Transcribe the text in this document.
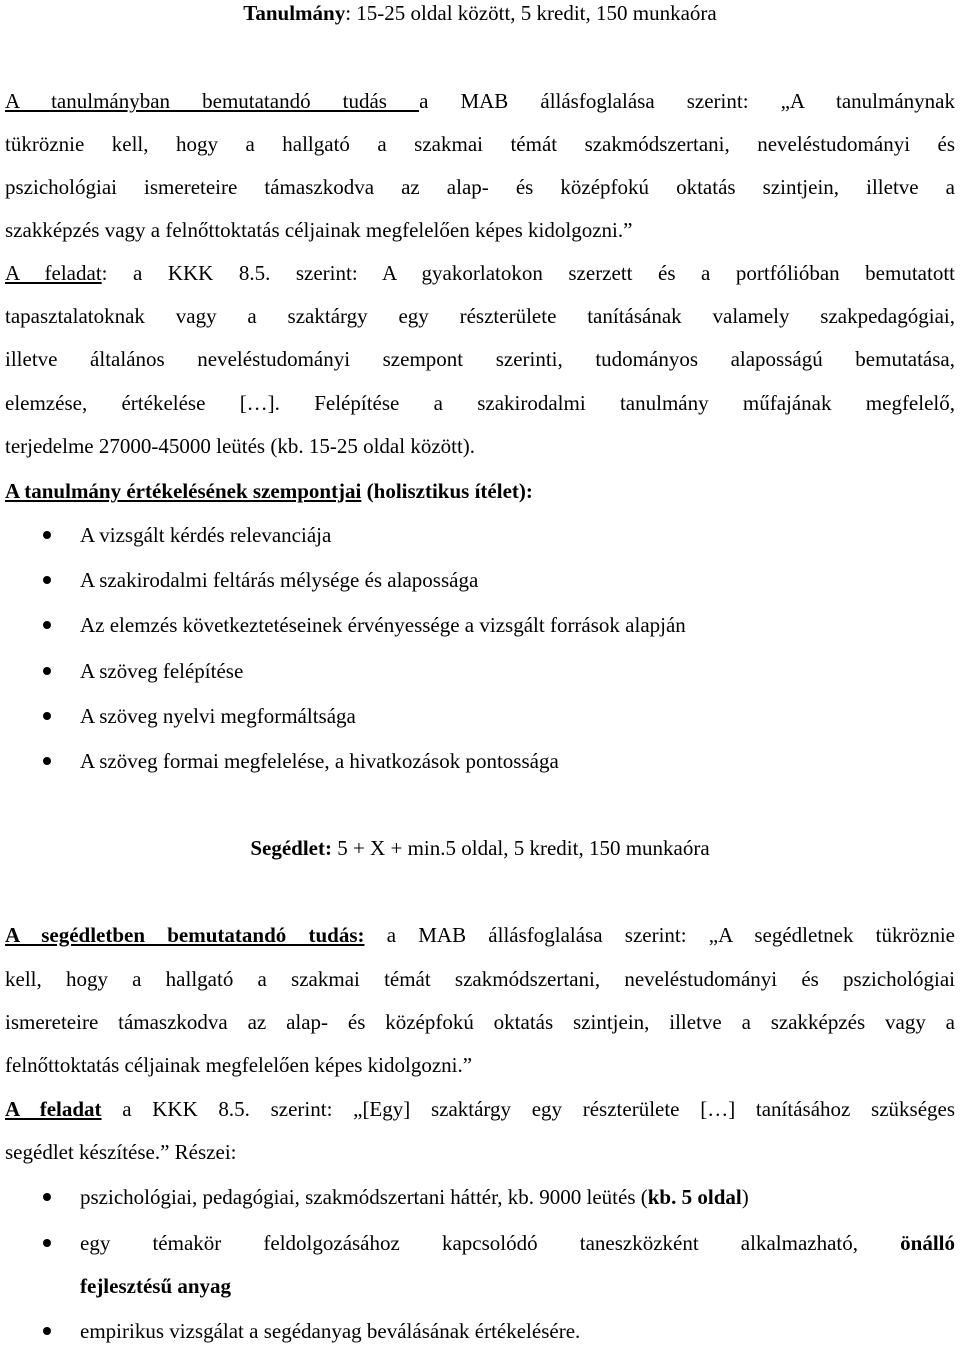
Tanulmány: 15-25 oldal között, 5 kredit, 150 munkaóra
A tanulmányban bemutatandó tudás a MAB állásfoglalása szerint: „A tanulmánynak
tükröznie kell, hogy a hallgató a szakmai témát szakmódszertani, neveléstudományi és
pszichológiai ismereteire támaszkodva az alap- és középfokú oktatás szintjein, illetve a
szakképzés vagy a felnőttoktatás céljainak megfelelően képes kidolgozni.”
A feladat: a KKK 8.5. szerint: A gyakorlatokon szerzett és a portfólióban bemutatott
tapasztalatoknak vagy a szaktárgy egy részterülete tanításának valamely szakpedagógiai,
illetve általános neveléstudományi szempont szerinti, tudományos alaposságú bemutatása,
elemzése, értékelése […]. Felépítése a szakirodalmi tanulmány műfajának megfelelő,
terjedelme 27000-45000 leütés (kb. 15-25 oldal között).
A tanulmány értékelésének szempontjai (holisztikus ítélet):
A vizsgált kérdés relevanciája
A szakirodalmi feltárás mélysége és alapossága
Az elemzés következtetéseinek érvényessége a vizsgált források alapján
A szöveg felépítése
A szöveg nyelvi megformáltsága
A szöveg formai megfelelése, a hivatkozások pontossága
Segédlet: 5 + X + min.5 oldal, 5 kredit, 150 munkaóra
A segédletben bemutatandó tudás: a MAB állásfoglalása szerint: „A segédletnek tükröznie
kell, hogy a hallgató a szakmai témát szakmódszertani, neveléstudományi és pszichológiai
ismereteire támaszkodva az alap- és középfokú oktatás szintjein, illetve a szakképzés vagy a
felnőttoktatás céljainak megfelelően képes kidolgozni.”
A feladat a KKK 8.5. szerint: „[Egy] szaktárgy egy részterülete […] tanításához szükséges
segédlet készítése.” Részei:
pszichológiai, pedagógiai, szakmódszertani háttér, kb. 9000 leütés (kb. 5 oldal)
egy témakör feldolgozásához kapcsolódó taneszközként alkalmazható, önálló
fejlesztésű anyag
empirikus vizsgálat a segédanyag beválásának értékelésére.
